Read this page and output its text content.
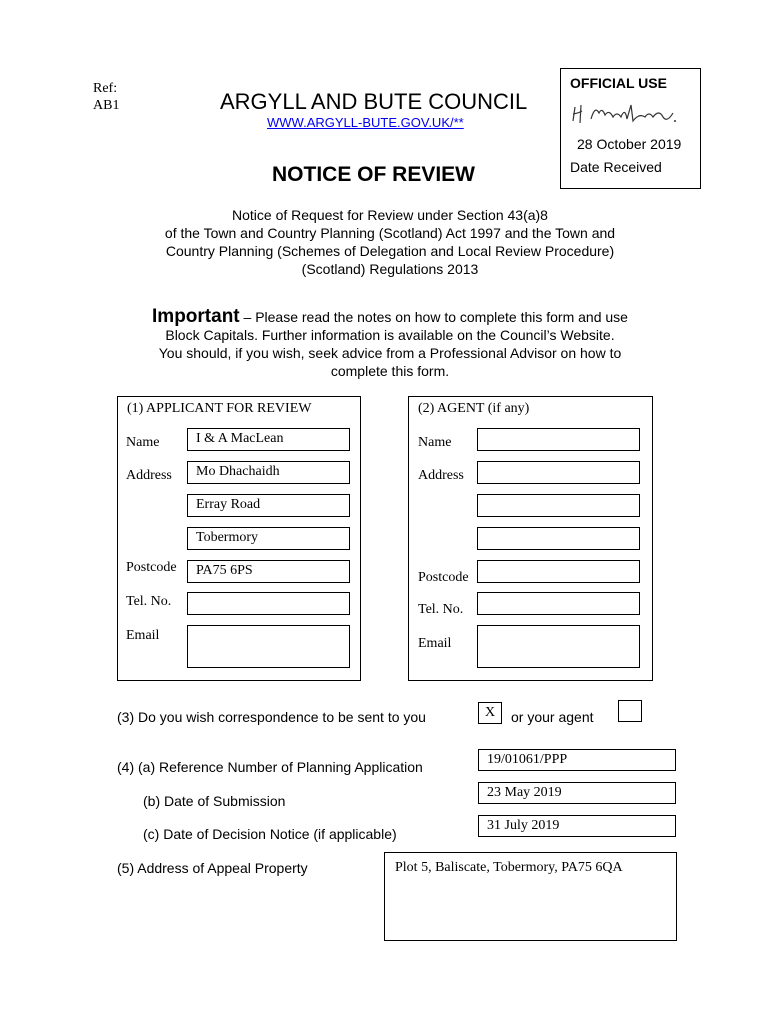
Ref:
AB1	ARGYLL AND BUTE COUNCIL
WWW.ARGYLL-BUTE.GOV.UK/**
NOTICE OF REVIEW
OFFICIAL USE
28 October 2019
Date Received
Notice of Request for Review under Section 43(a)8
of the Town and Country Planning (Scotland) Act 1997 and the Town and
Country Planning (Schemes of Delegation and Local Review Procedure)
(Scotland) Regulations 2013
Important – Please read the notes on how to complete this form and use
Block Capitals. Further information is available on the Council’s Website.
You should, if you wish, seek advice from a Professional Advisor on how to
complete this form.
(1) APPLICANT FOR REVIEW
Name	I & A MacLean
Address	Mo Dhachaidh
Erray Road
Tobermory
Postcode	PA75 6PS
Tel. No.
Email
(2) AGENT (if any)
Name
Address
Postcode
Tel. No.
Email
(3) Do you wish correspondence to be sent to you	X	or your agent
(4) (a) Reference Number of Planning Application	19/01061/PPP
(b) Date of Submission
23 May 2019
(c) Date of Decision Notice (if applicable)
31 July 2019
(5) Address of Appeal Property	Plot 5, Baliscate, Tobermory, PA75 6QA
